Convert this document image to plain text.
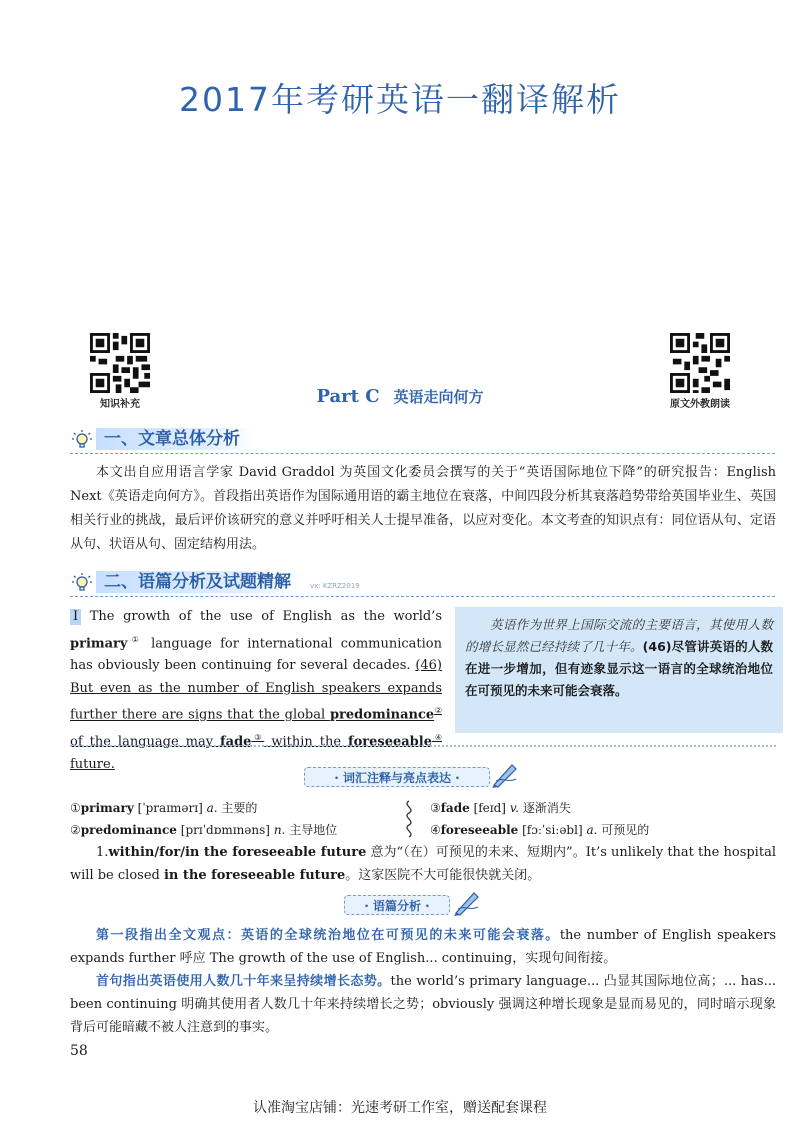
2017年考研英语一翻译解析
知识补充	原文外教朗读
Part C 英语走向何方
一、文章总体分析
本文出自应用语言学家 David Graddol 为英国文化委员会撰写的关于“英语国际地位下降”的研究报告：English Next《英语走向何方》。首段指出英语作为国际通用语的霸主地位在衰落，中间四段分析其衰落趋势带给英国毕业生、英国相关行业的挑战，最后评价该研究的意义并呼吁相关人士提早准备，以应对变化。本文考查的知识点有：同位语从句、定语从句、状语从句、固定结构用法。
二、语篇分析及试题精解	vx: KZRZ2019
I The growth of the use of English as the world’s primary① language for international communication has obviously been continuing for several decades. (46) But even as the number of English speakers expands further there are signs that the global predominance② of the language may fade③ within the foreseeable④ future.
英语作为世界上国际交流的主要语言，其使用人数的增长显然已经持续了几十年。(46)尽管讲英语的人数在进一步增加，但有迹象显示这一语言的全球统治地位在可预见的未来可能会衰落。
· 词汇注释与亮点表达 ·
①primary [ˈpraɪmərɪ] a. 主要的
②predominance [prɪˈdɒmɪnəns] n. 主导地位
③fade [feɪd] v. 逐渐消失
④foreseeable [fɔːˈsiːəbl] a. 可预见的
1.within/for/in the foreseeable future 意为“（在）可预见的未来、短期内”。It’s unlikely that the hospital will be closed in the foreseeable future。这家医院不大可能很快就关闭。
· 语篇分析 ·
第一段指出全文观点：英语的全球统治地位在可预见的未来可能会衰落。the number of English speakers expands further 呼应 The growth of the use of English... continuing，实现句间衔接。
首句指出英语使用人数几十年来呈持续增长态势。the world’s primary language... 凸显其国际地位高；... has... been continuing 明确其使用者人数几十年来持续增长之势；obviously 强调这种增长现象是显而易见的，同时暗示现象背后可能暗藏不被人注意到的事实。
58
认准淘宝店铺：光速考研工作室，赠送配套课程
